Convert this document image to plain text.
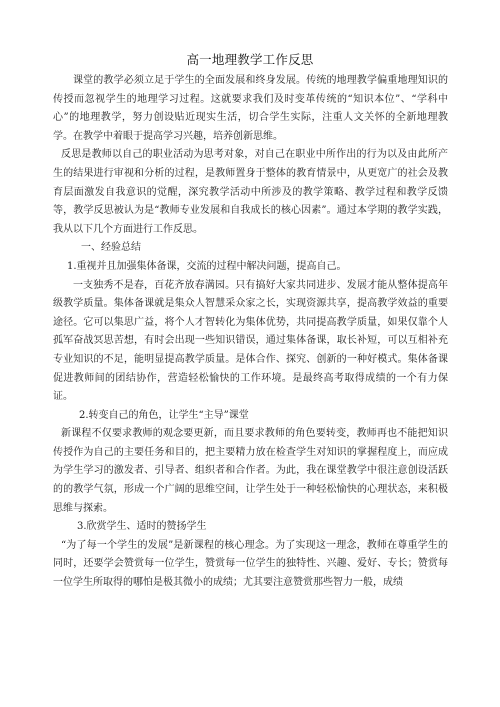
高一地理教学工作反思

课堂的教学必须立足于学生的全面发展和终身发展。传统的地理教学偏重地理知识的传授而忽视学生的地理学习过程。这就要求我们及时变革传统的“知识本位”、“学科中心”的地理教学，努力创设贴近现实生活，切合学生实际，注重人文关怀的全新地理教学。在教学中着眼于提高学习兴趣，培养创新思维。

反思是教师以自己的职业活动为思考对象，对自己在职业中所作出的行为以及由此所产生的结果进行审视和分析的过程，是教师置身于整体的教育情景中，从更宽广的社会及教育层面激发自我意识的觉醒，深究教学活动中所涉及的教学策略、教学过程和教学反馈等，教学反思被认为是“教师专业发展和自我成长的核心因素”。通过本学期的教学实践，我从以下几个方面进行工作反思。

一、经验总结

1.重视并且加强集体备课，交流的过程中解决问题，提高自己。

一支独秀不是春，百花齐放春满园。只有搞好大家共同进步、发展才能从整体提高年级教学质量。集体备课就是集众人智慧采众家之长，实现资源共享，提高教学效益的重要途径。它可以集思广益，将个人才智转化为集体优势，共同提高教学质量，如果仅靠个人孤军奋战冥思苦想，有时会出现一些知识错误，通过集体备课，取长补短，可以互相补充专业知识的不足，能明显提高教学质量。是体合作、探究、创新的一种好模式。集体备课促进教师间的团结协作，营造轻松愉快的工作环境。是最终高考取得成绩的一个有力保证。

2.转变自己的角色，让学生“主导”课堂

新课程不仅要求教师的观念要更新，而且要求教师的角色要转变，教师再也不能把知识传授作为自己的主要任务和目的，把主要精力放在检查学生对知识的掌握程度上，而应成为学生学习的激发者、引导者、组织者和合作者。为此，我在课堂教学中很注意创设活跃的的教学气氛，形成一个广阔的思维空间，让学生处于一种轻松愉快的心理状态，来积极思维与探索。

3.欣赏学生、适时的赞扬学生

“为了每一个学生的发展”是新课程的核心理念。为了实现这一理念，教师在尊重学生的同时，还要学会赞赏每一位学生，赞赏每一位学生的独特性、兴趣、爱好、专长；赞赏每一位学生所取得的哪怕是极其微小的成绩；尤其要注意赞赏那些智力一般，成绩
